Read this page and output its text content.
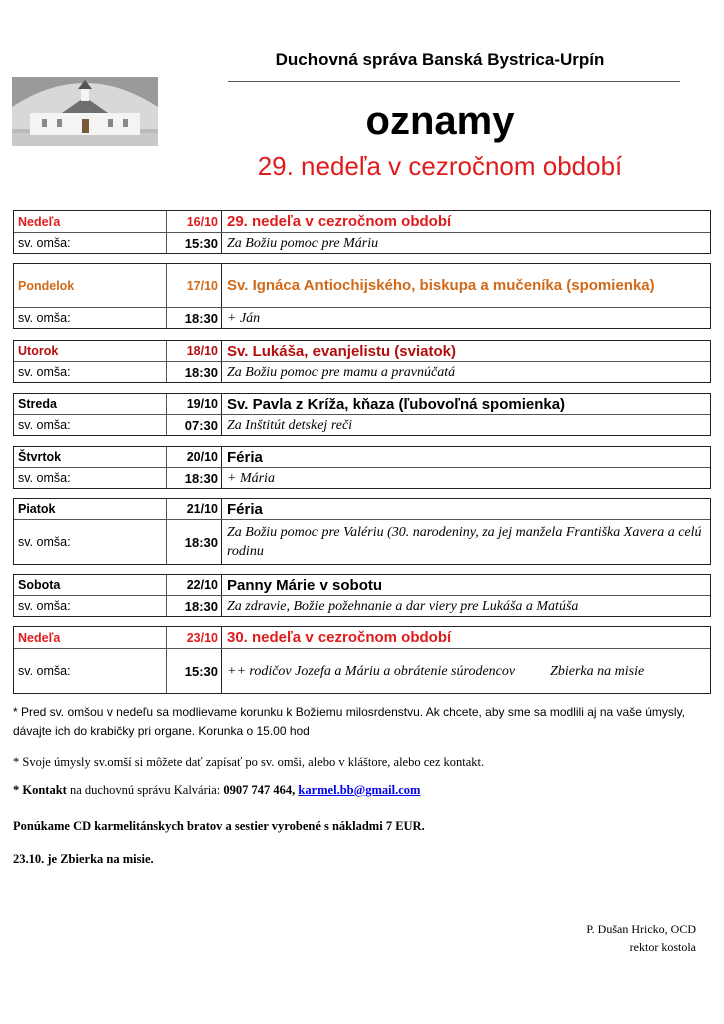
Duchovná správa Banská Bystrica-Urpín
oznamy
29. nedeľa v cezročnom období
Nedeľa	16/10 29. nedeľa v cezročnom období
sv. omša:	15:30 Za Božiu pomoc pre Máriu
Pondelok	17/10 Sv. Ignáca Antiochijského, biskupa a mučeníka (spomienka)
sv. omša:	18:30 + Ján
Utorok	18/10 Sv. Lukáša, evanjelistu (sviatok)
sv. omša:	18:30 Za Božiu pomoc pre mamu a pravnúčatá
Streda	19/10 Sv. Pavla z Kríža, kňaza (ľubovoľná spomienka)
sv. omša:	07:30 Za Inštitút detskej reči
Štvrtok	20/10 Féria
sv. omša:	18:30 + Mária
Piatok	21/10 Féria
sv. omša:	18:30
Za Božiu pomoc pre Valériu (30. narodeniny, za jej manžela Františka Xavera a celú rodinu
Sobota	22/10 Panny Márie v sobotu
sv. omša:	18:30 Za zdravie, Božie požehnanie a dar viery pre Lukáša a Matúša
Nedeľa	23/10 30. nedeľa v cezročnom období
sv. omša:	15:30 ++ rodičov Jozefa a Máriu a obrátenie súrodencov	Zbierka na misie
* Pred sv. omšou v nedeľu sa modlievame korunku k Božiemu milosrdenstvu. Ak chcete, aby sme sa modlili aj na vaše úmysly, dávajte ich do krabičky pri organe. Korunka o 15.00 hod
* Svoje úmysly sv.omší si môžete dať zapísať po sv. omši, alebo v kláštore, alebo cez kontakt.
* Kontakt na duchovnú správu Kalvária: 0907 747 464, karmel.bb@gmail.com
Ponúkame CD karmelitánskych bratov a sestier vyrobené s nákladmi 7 EUR.
23.10. je Zbierka na misie.
P. Dušan Hricko, OCD
rektor kostola
